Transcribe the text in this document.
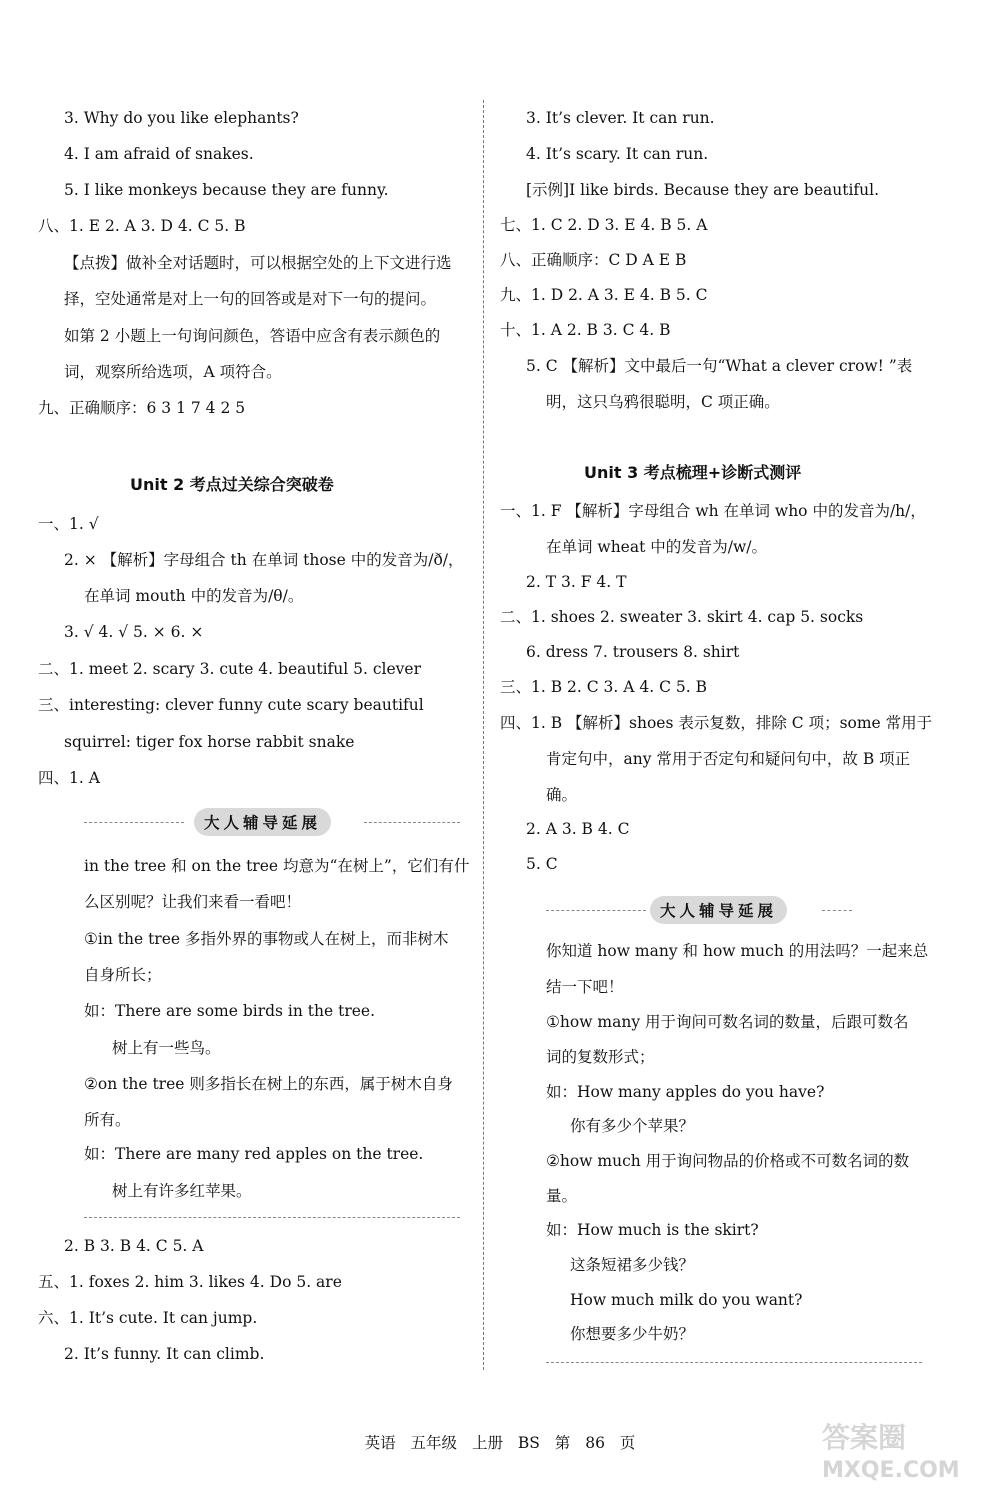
3. Why do you like elephants?
4. I am afraid of snakes.
5. I like monkeys because they are funny.
八、1. E 2. A 3. D 4. C 5. B
【点拨】做补全对话题时，可以根据空处的上下文进行选
择，空处通常是对上一句的回答或是对下一句的提问。
如第 2 小题上一句询问颜色，答语中应含有表示颜色的
词，观察所给选项，A 项符合。
九、正确顺序：6 3 1 7 4 2 5
Unit 2 考点过关综合突破卷
一、1. √
2. × 【解析】字母组合 th 在单词 those 中的发音为/ð/，
在单词 mouth 中的发音为/θ/。
3. √ 4. √ 5. × 6. ×
二、1. meet 2. scary 3. cute 4. beautiful 5. clever
三、interesting: clever funny cute scary beautiful
squirrel: tiger fox horse rabbit snake
四、1. A
大人辅导延展
in the tree 和 on the tree 均意为“在树上”，它们有什
么区别呢？让我们来看一看吧！
①in the tree 多指外界的事物或人在树上，而非树木
自身所长；
如：There are some birds in the tree.
树上有一些鸟。
②on the tree 则多指长在树上的东西，属于树木自身
所有。
如：There are many red apples on the tree.
树上有许多红苹果。
2. B 3. B 4. C 5. A
五、1. foxes 2. him 3. likes 4. Do 5. are
六、1. It’s cute. It can jump.
2. It’s funny. It can climb.
3. It’s clever. It can run.
4. It’s scary. It can run.
[示例]I like birds. Because they are beautiful.
七、1. C 2. D 3. E 4. B 5. A
八、正确顺序：C D A E B
九、1. D 2. A 3. E 4. B 5. C
十、1. A 2. B 3. C 4. B
5. C 【解析】文中最后一句“What a clever crow! ”表
明，这只乌鸦很聪明，C 项正确。
Unit 3 考点梳理+诊断式测评
一、1. F 【解析】字母组合 wh 在单词 who 中的发音为/h/，
在单词 wheat 中的发音为/w/。
2. T 3. F 4. T
二、1. shoes 2. sweater 3. skirt 4. cap 5. socks
6. dress 7. trousers 8. shirt
三、1. B 2. C 3. A 4. C 5. B
四、1. B 【解析】shoes 表示复数，排除 C 项；some 常用于
肯定句中，any 常用于否定句和疑问句中，故 B 项正
确。
2. A 3. B 4. C
5. C
大人辅导延展
你知道 how many 和 how much 的用法吗？一起来总
结一下吧！
①how many 用于询问可数名词的数量，后跟可数名
词的复数形式；
如：How many apples do you have?
你有多少个苹果？
②how much 用于询问物品的价格或不可数名词的数
量。
如：How much is the skirt?
这条短裙多少钱？
How much milk do you want?
你想要多少牛奶？
英语 五年级 上册 BS 第 86 页	答案圈
MXQE.COM
